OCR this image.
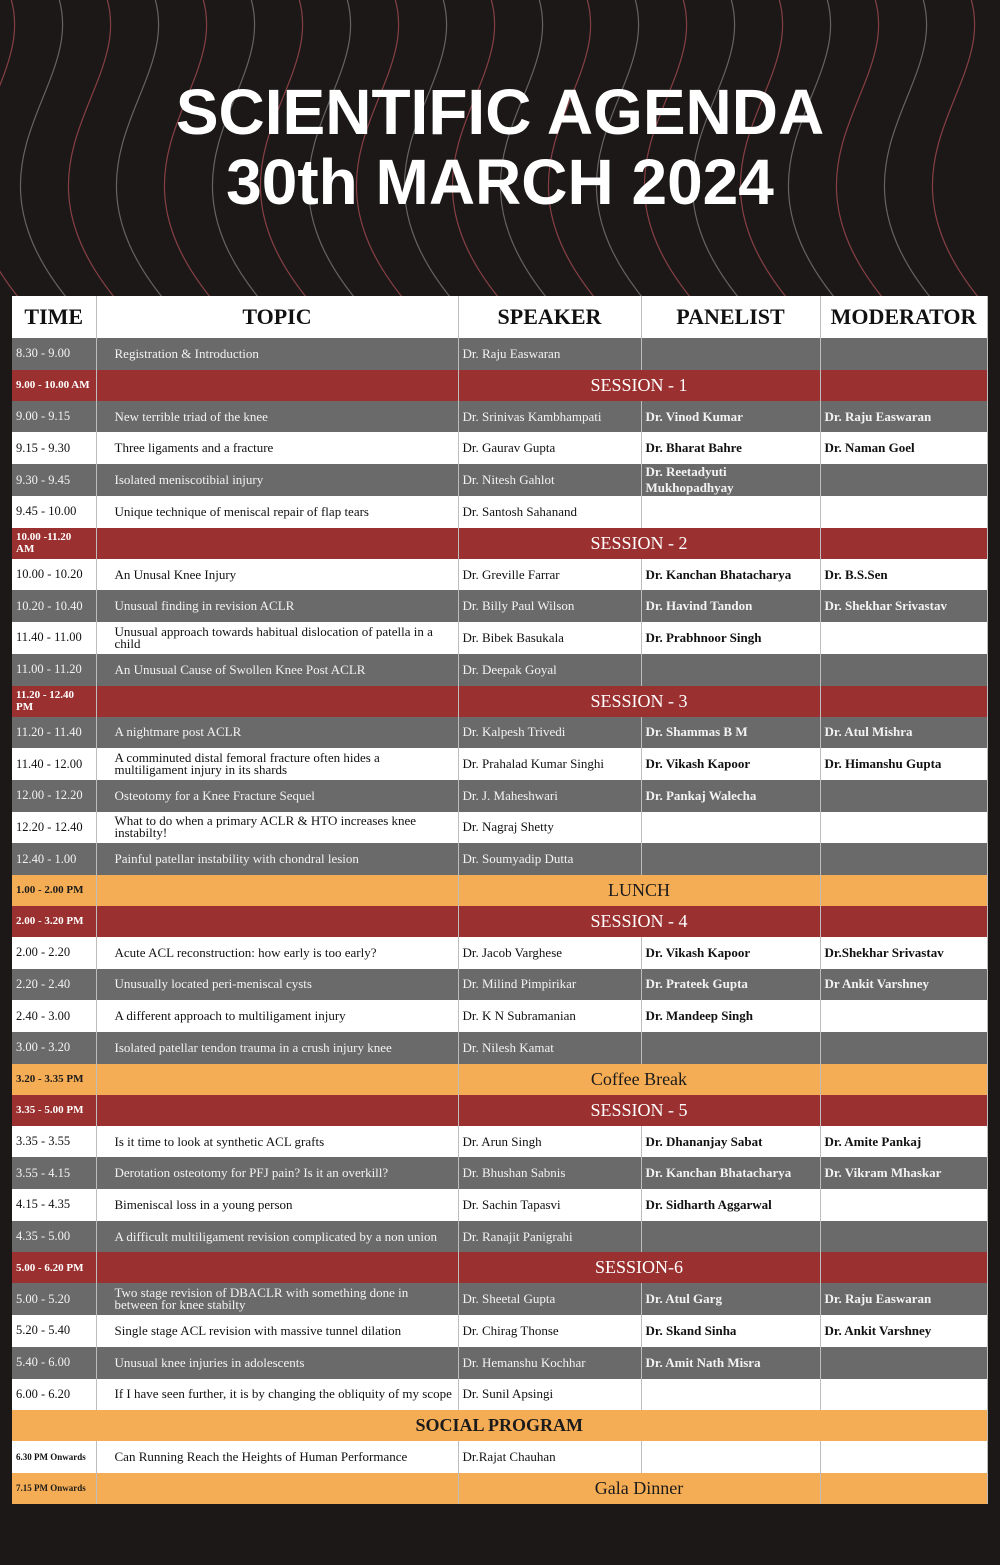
SCIENTIFIC AGENDA
30th MARCH 2024
TIME	TOPIC	SPEAKER	PANELIST	MODERATOR
8.30 - 9.00	Registration & Introduction	Dr. Raju Easwaran		
9.00 - 10.00 AM		SESSION - 1		
9.00 - 9.15	New terrible triad of the knee	Dr. Srinivas Kambhampati	Dr. Vinod Kumar	Dr. Raju Easwaran
9.15 - 9.30	Three ligaments and a fracture	Dr. Gaurav Gupta	Dr. Bharat Bahre	Dr. Naman Goel
9.30 - 9.45	Isolated meniscotibial injury	Dr. Nitesh Gahlot	Dr. Reetadyuti Mukhopadhyay	
9.45 - 10.00	Unique technique of meniscal repair of flap tears	Dr. Santosh Sahanand		
10.00 -11.20 AM		SESSION - 2		
10.00 - 10.20	An Unusal Knee Injury	Dr. Greville Farrar	Dr. Kanchan Bhatacharya	Dr. B.S.Sen
10.20 - 10.40	Unusual finding in revision ACLR	Dr. Billy Paul Wilson	Dr. Havind Tandon	Dr. Shekhar Srivastav
11.40 - 11.00	Unusual approach towards habitual dislocation of patella in a child	Dr. Bibek Basukala	Dr. Prabhnoor Singh	
11.00 - 11.20	An Unusual Cause of Swollen Knee Post ACLR	Dr. Deepak Goyal		
11.20 - 12.40 PM		SESSION - 3		
11.20 - 11.40	A nightmare post ACLR	Dr. Kalpesh Trivedi	Dr. Shammas B M	Dr. Atul Mishra
11.40 - 12.00	A comminuted distal femoral fracture often hides a multiligament injury in its shards	Dr. Prahalad Kumar Singhi	Dr. Vikash Kapoor	Dr. Himanshu Gupta
12.00 - 12.20	Osteotomy for a Knee Fracture Sequel	Dr. J. Maheshwari	Dr. Pankaj Walecha	
12.20 - 12.40	What to do when a primary ACLR & HTO increases knee instabilty!	Dr. Nagraj Shetty		
12.40 - 1.00	Painful patellar instability with chondral lesion	Dr. Soumyadip Dutta		
1.00 - 2.00 PM		LUNCH		
2.00 - 3.20 PM		SESSION - 4		
2.00 - 2.20	Acute ACL reconstruction: how early is too early?	Dr. Jacob Varghese	Dr. Vikash Kapoor	Dr.Shekhar Srivastav
2.20 - 2.40	Unusually located peri-meniscal cysts	Dr. Milind Pimpirikar	Dr. Prateek Gupta	Dr Ankit Varshney
2.40 - 3.00	A different approach to multiligament injury	Dr. K N Subramanian	Dr. Mandeep Singh	
3.00 - 3.20	Isolated patellar tendon trauma in a crush injury knee	Dr. Nilesh Kamat		
3.20 - 3.35 PM		Coffee Break		
3.35 - 5.00 PM		SESSION - 5		
3.35 - 3.55	Is it time to look at synthetic ACL grafts	Dr. Arun Singh	Dr. Dhananjay Sabat	Dr. Amite Pankaj
3.55 - 4.15	Derotation osteotomy for PFJ pain? Is it an overkill?	Dr. Bhushan Sabnis	Dr. Kanchan Bhatacharya	Dr. Vikram Mhaskar
4.15 - 4.35	Bimeniscal loss in a young person	Dr. Sachin Tapasvi	Dr. Sidharth Aggarwal	
4.35 - 5.00	A difficult multiligament revision complicated by a non union	Dr. Ranajit Panigrahi		
5.00 - 6.20 PM		SESSION-6		
5.00 - 5.20	Two stage revision of DBACLR with something done in between for knee stabilty	Dr. Sheetal Gupta	Dr. Atul Garg	Dr. Raju Easwaran
5.20 - 5.40	Single stage ACL revision with massive tunnel dilation	Dr. Chirag Thonse	Dr. Skand Sinha	Dr. Ankit Varshney
5.40 - 6.00	Unusual knee injuries in adolescents	Dr. Hemanshu Kochhar	Dr. Amit Nath Misra	
6.00 - 6.20	If I have seen further, it is by changing the obliquity of my scope	Dr. Sunil Apsingi		
SOCIAL PROGRAM				
6.30 PM Onwards	Can Running Reach the Heights of Human Performance	Dr.Rajat Chauhan		
7.15 PM Onwards		Gala Dinner		
